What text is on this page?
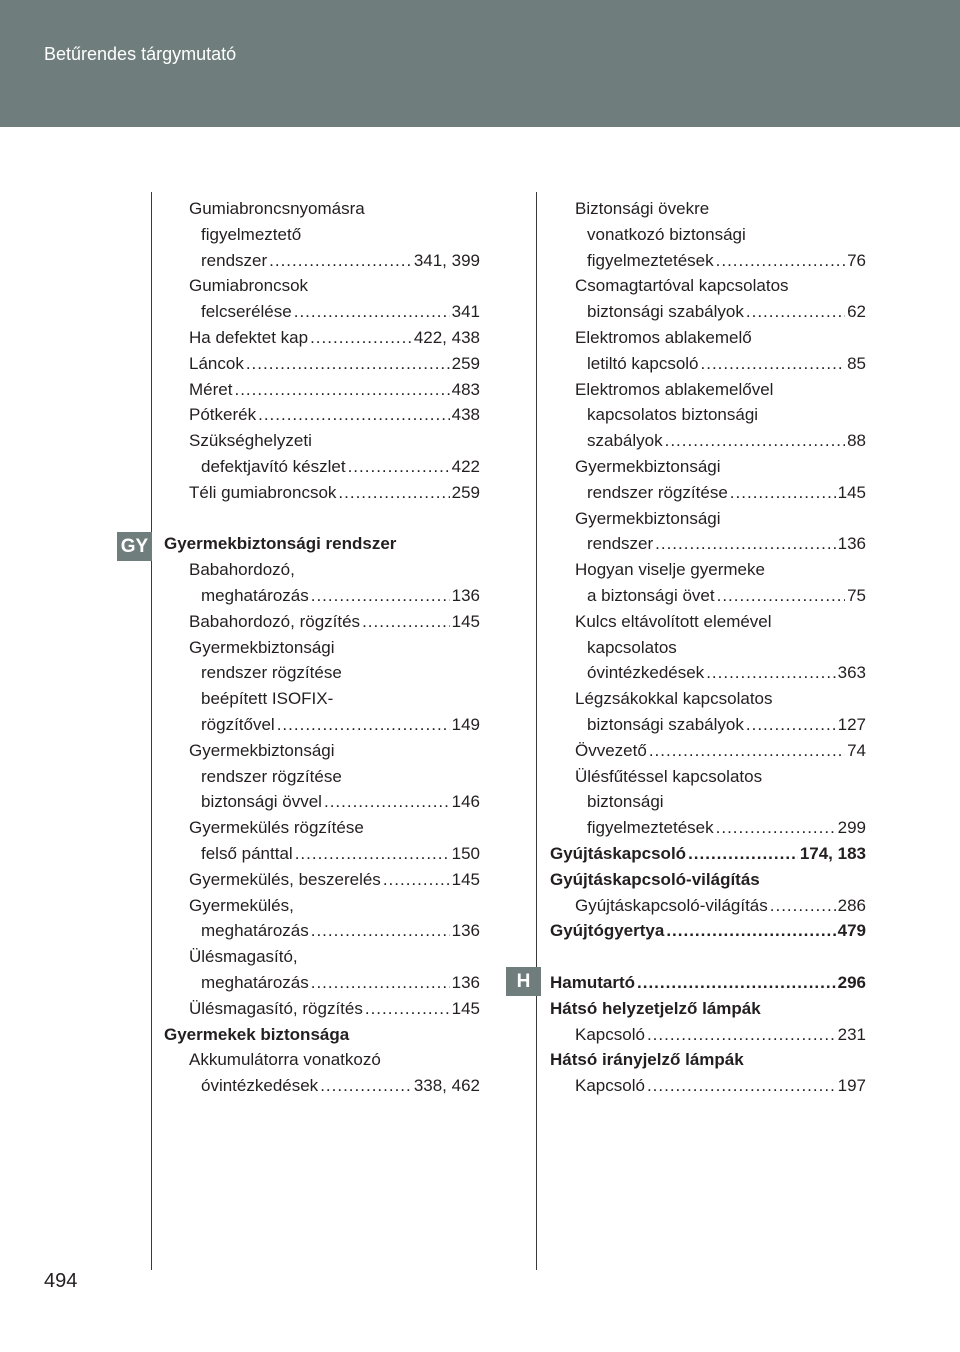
Betűrendes tárgymutató
GY
H
Gumiabroncsnyomásra
figyelmeztető
rendszer .....	341, 399
Gumiabroncsok
felcserélése .....	341
Ha defektet kap .....	422, 438
Láncok .....	259
Méret .....	483
Pótkerék .....	438
Szükséghelyzeti
defektjavító készlet .....	422
Téli gumiabroncsok .....	259
Gyermekbiztonsági rendszer
Babahordozó,
meghatározás .....	136
Babahordozó, rögzítés .....	145
Gyermekbiztonsági
rendszer rögzítése
beépített ISOFIX-
rögzítővel .....	149
Gyermekbiztonsági
rendszer rögzítése
biztonsági övvel .....	146
Gyermekülés rögzítése
felső pánttal .....	150
Gyermekülés, beszerelés .....	145
Gyermekülés,
meghatározás .....	136
Ülésmagasító,
meghatározás .....	136
Ülésmagasító, rögzítés .....	145
Gyermekek biztonsága
Akkumulátorra vonatkozó
óvintézkedések .....	338, 462
Biztonsági övekre
vonatkozó biztonsági
figyelmeztetések .....	76
Csomagtartóval kapcsolatos
biztonsági szabályok .....	62
Elektromos ablakemelő
letiltó kapcsoló .....	85
Elektromos ablakemelővel
kapcsolatos biztonsági
szabályok .....	88
Gyermekbiztonsági
rendszer rögzítése .....	145
Gyermekbiztonsági
rendszer .....	136
Hogyan viselje gyermeke
a biztonsági övet .....	75
Kulcs eltávolított elemével
kapcsolatos
óvintézkedések .....	363
Légzsákokkal kapcsolatos
biztonsági szabályok .....	127
Övvezető .....	74
Ülésfűtéssel kapcsolatos
biztonsági
figyelmeztetések .....	299
Gyújtáskapcsoló .....	174, 183
Gyújtáskapcsoló-világítás
Gyújtáskapcsoló-világítás .....	286
Gyújtógyertya .....	479
Hamutartó .....	296
Hátsó helyzetjelző lámpák
Kapcsoló .....	231
Hátsó irányjelző lámpák
Kapcsoló .....	197
494
